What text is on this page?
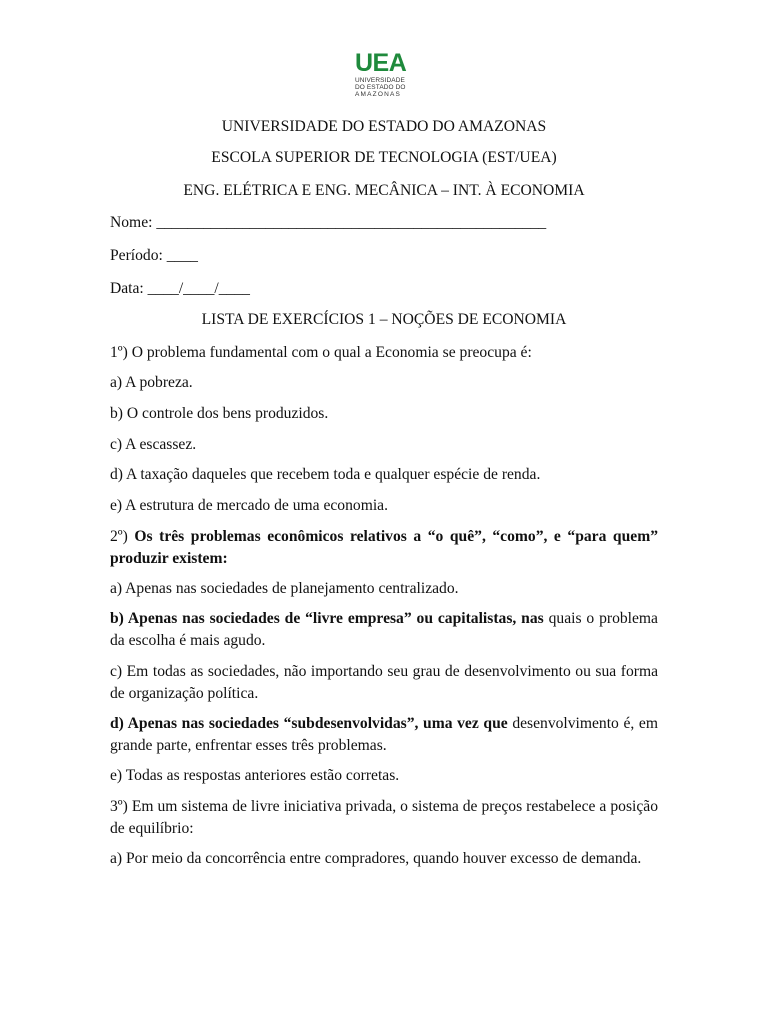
UEA
UNIVERSIDADE
DO ESTADO DO
AMAZONAS

UNIVERSIDADE DO ESTADO DO AMAZONAS

ESCOLA SUPERIOR DE TECNOLOGIA (EST/UEA)

ENG. ELÉTRICA E ENG. MECÂNICA – INT. À ECONOMIA

Nome: __________________________________________________

Período: ____

Data: ____/____/____

LISTA DE EXERCÍCIOS 1 – NOÇÕES DE ECONOMIA

1º) O problema fundamental com o qual a Economia se preocupa é:

a) A pobreza.

b) O controle dos bens produzidos.

c) A escassez.

d) A taxação daqueles que recebem toda e qualquer espécie de renda.

e) A estrutura de mercado de uma economia.

2º) Os três problemas econômicos relativos a “o quê”, “como”, e “para quem” produzir existem:

a) Apenas nas sociedades de planejamento centralizado.

b) Apenas nas sociedades de “livre empresa” ou capitalistas, nas quais o problema da escolha é mais agudo.

c) Em todas as sociedades, não importando seu grau de desenvolvimento ou sua forma de organização política.

d) Apenas nas sociedades “subdesenvolvidas”, uma vez que desenvolvimento é, em grande parte, enfrentar esses três problemas.

e) Todas as respostas anteriores estão corretas.

3º) Em um sistema de livre iniciativa privada, o sistema de preços restabelece a posição de equilíbrio:

a) Por meio da concorrência entre compradores, quando houver excesso de demanda.
